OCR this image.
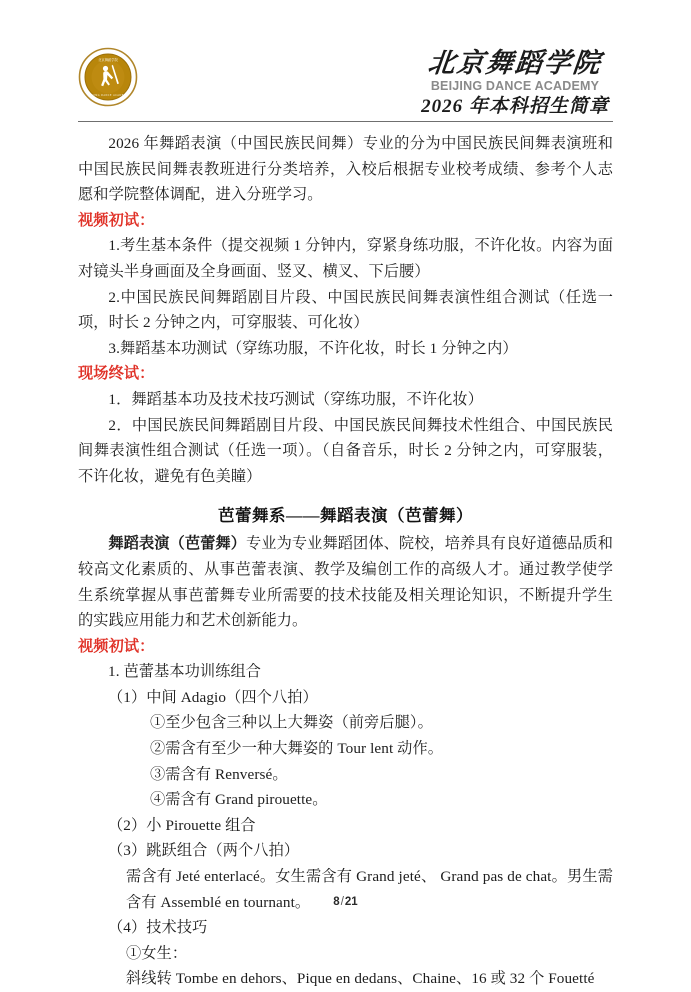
北京舞蹈学院
BEIJING DANCE ACADEMY
北京舞蹈学院
BEIJING DANCE ACADEMY
2026 年本科招生简章

2026 年舞蹈表演（中国民族民间舞）专业的分为中国民族民间舞表演班和中国民族民间舞表教班进行分类培养，入校后根据专业校考成绩、参考个人志愿和学院整体调配，进入分班学习。

视频初试：

1.考生基本条件（提交视频 1 分钟内，穿紧身练功服，不许化妆。内容为面对镜头半身画面及全身画面、竖叉、横叉、下后腰）

2.中国民族民间舞蹈剧目片段、中国民族民间舞表演性组合测试（任选一项，时长 2 分钟之内，可穿服装、可化妆）

3.舞蹈基本功测试（穿练功服，不许化妆，时长 1 分钟之内）

现场终试：

1．舞蹈基本功及技术技巧测试（穿练功服，不许化妆）

2．中国民族民间舞蹈剧目片段、中国民族民间舞技术性组合、中国民族民间舞表演性组合测试（任选一项）。（自备音乐，时长 2 分钟之内，可穿服装，不许化妆，避免有色美瞳）

芭蕾舞系——舞蹈表演（芭蕾舞）

舞蹈表演（芭蕾舞）专业为专业舞蹈团体、院校，培养具有良好道德品质和较高文化素质的、从事芭蕾表演、教学及编创工作的高级人才。通过教学使学生系统掌握从事芭蕾舞专业所需要的技术技能及相关理论知识，不断提升学生的实践应用能力和艺术创新能力。

视频初试：

1. 芭蕾基本功训练组合

（1）中间 Adagio（四个八拍）

①至少包含三种以上大舞姿（前旁后腿）。

②需含有至少一种大舞姿的 Tour lent 动作。

③需含有 Renversé。

④需含有 Grand pirouette。

（2）小 Pirouette 组合

（3）跳跃组合（两个八拍）

需含有 Jeté enterlacé。女生需含有 Grand jeté、 Grand pas de chat。男生需含有 Assemblé en tournant。

（4）技术技巧

①女生：

斜线转 Tombe en dehors、Pique en dedans、Chaine、16 或 32 个 Fouetté

8/21
